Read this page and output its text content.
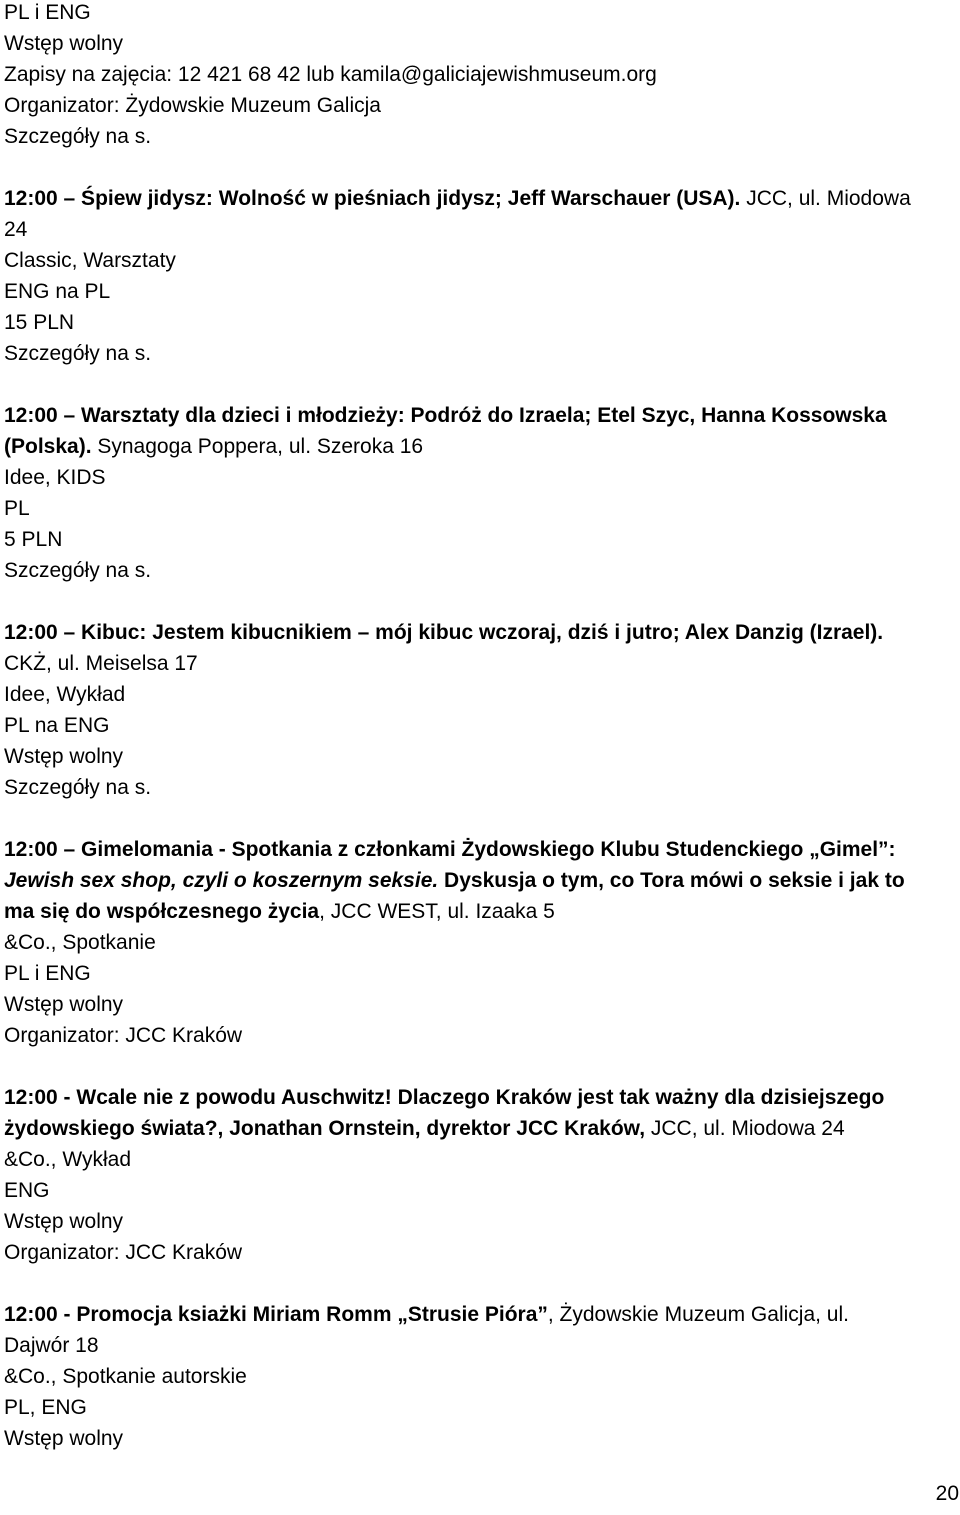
PL i ENG
Wstęp wolny
Zapisy na zajęcia: 12 421 68 42 lub kamila@galiciajewishmuseum.org
Organizator: Żydowskie Muzeum Galicja
Szczegóły na s.
12:00 – Śpiew jidysz: Wolność w pieśniach jidysz; Jeff Warschauer (USA). JCC, ul. Miodowa
24
Classic, Warsztaty
ENG na PL
15 PLN
Szczegóły na s.
12:00 – Warsztaty dla dzieci i młodzieży: Podróż do Izraela; Etel Szyc, Hanna Kossowska
(Polska). Synagoga Poppera, ul. Szeroka 16
Idee, KIDS
PL
5 PLN
Szczegóły na s.
12:00 – Kibuc: Jestem kibucnikiem – mój kibuc wczoraj, dziś i jutro; Alex Danzig (Izrael).
CKŻ, ul. Meiselsa 17
Idee, Wykład
PL na ENG
Wstęp wolny
Szczegóły na s.
12:00 – Gimelomania - Spotkania z członkami Żydowskiego Klubu Studenckiego „Gimel”:
Jewish sex shop, czyli o koszernym seksie. Dyskusja o tym, co Tora mówi o seksie i jak to
ma się do współczesnego życia, JCC WEST, ul. Izaaka 5
&Co., Spotkanie
PL i ENG
Wstęp wolny
Organizator: JCC Kraków
12:00 - Wcale nie z powodu Auschwitz! Dlaczego Kraków jest tak ważny dla dzisiejszego
żydowskiego świata?, Jonathan Ornstein, dyrektor JCC Kraków, JCC, ul. Miodowa 24
&Co., Wykład
ENG
Wstęp wolny
Organizator: JCC Kraków
12:00 - Promocja ksiażki Miriam Romm „Strusie Pióra”, Żydowskie Muzeum Galicja, ul.
Dajwór 18
&Co., Spotkanie autorskie
PL, ENG
Wstęp wolny
20
